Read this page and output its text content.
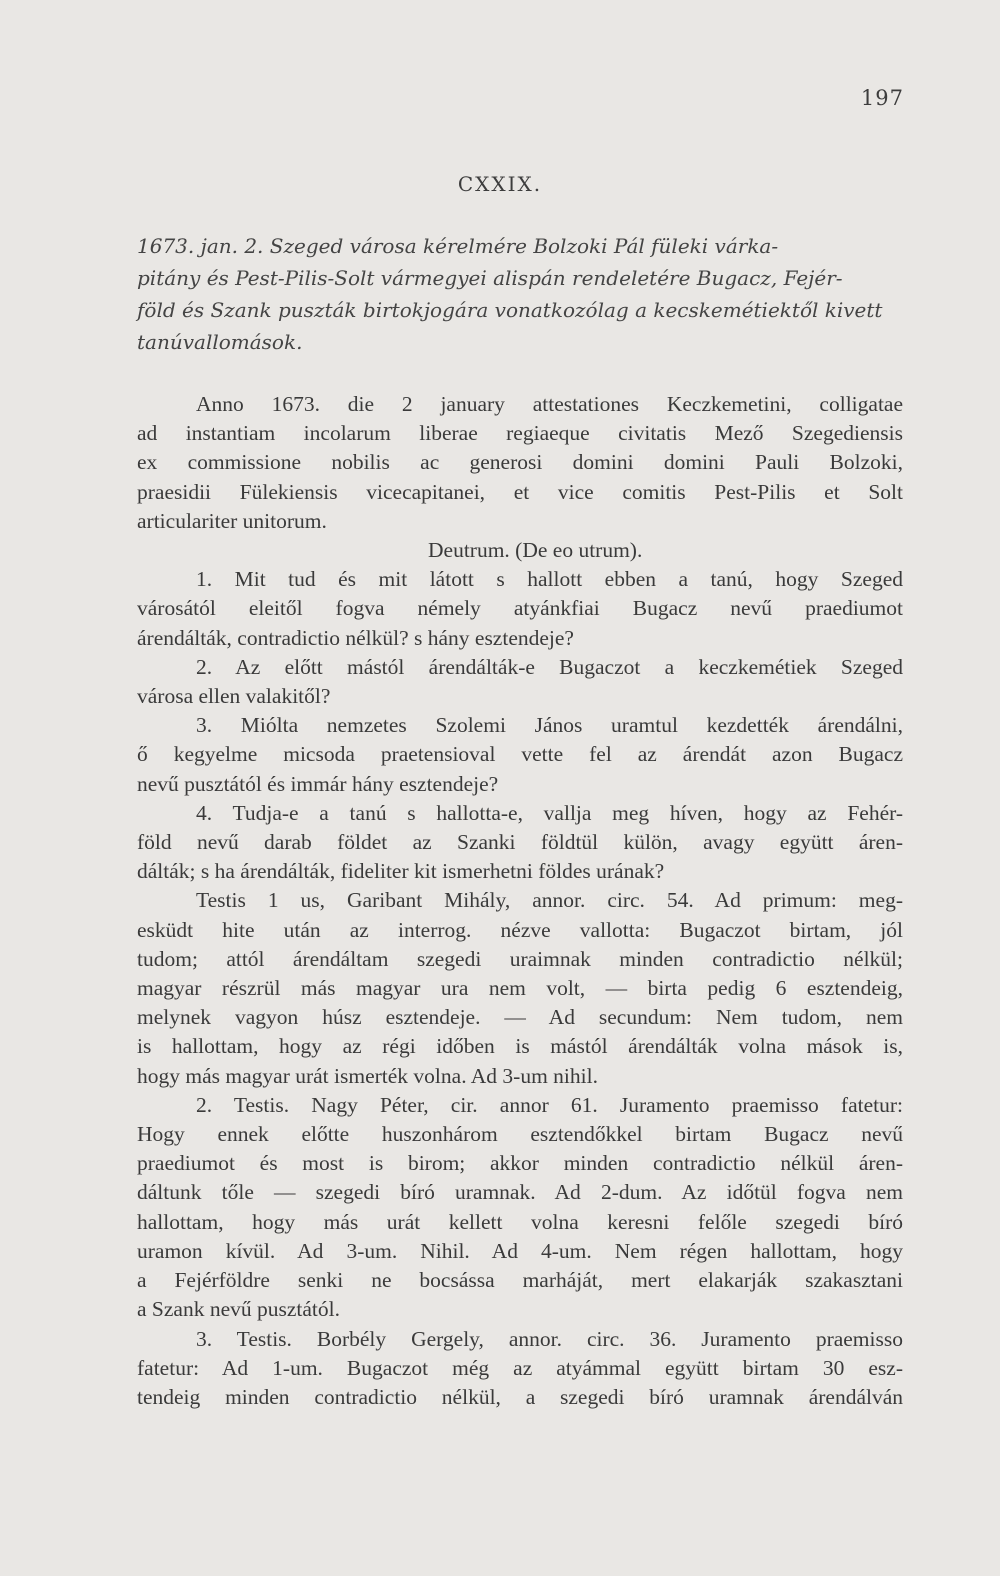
197
CXXIX.
1673. jan. 2. Szeged városa kérelmére Bolzoki Pál füleki várka-
pitány és Pest-Pilis-Solt vármegyei alispán rendeletére Bugacz, Fejér-
föld és Szank puszták birtokjogára vonatkozólag a kecskemétiektől kivett
tanúvallomások.
Anno 1673. die 2 january attestationes Keczkemetini, colligatae
ad instantiam incolarum liberae regiaeque civitatis Mező Szegediensis
ex commissione nobilis ac generosi domini domini Pauli Bolzoki,
praesidii Fülekiensis vicecapitanei, et vice comitis Pest-Pilis et Solt
articulariter unitorum.
Deutrum. (De eo utrum).
1. Mit tud és mit látott s hallott ebben a tanú, hogy Szeged
városától eleitől fogva némely atyánkfiai Bugacz nevű praediumot
árendálták, contradictio nélkül? s hány esztendeje?
2. Az előtt mástól árendálták-e Bugaczot a keczkemétiek Szeged
városa ellen valakitől?
3. Miólta nemzetes Szolemi János uramtul kezdették árendálni,
ő kegyelme micsoda praetensioval vette fel az árendát azon Bugacz
nevű pusztától és immár hány esztendeje?
4. Tudja-e a tanú s hallotta-e, vallja meg híven, hogy az Fehér-
föld nevű darab földet az Szanki földtül külön, avagy együtt áren-
dálták; s ha árendálták, fideliter kit ismerhetni földes urának?
Testis 1 us, Garibant Mihály, annor. circ. 54. Ad primum: meg-
esküdt hite után az interrog. nézve vallotta: Bugaczot birtam, jól
tudom; attól árendáltam szegedi uraimnak minden contradictio nélkül;
magyar részrül más magyar ura nem volt, — birta pedig 6 esztendeig,
melynek vagyon húsz esztendeje. — Ad secundum: Nem tudom, nem
is hallottam, hogy az régi időben is mástól árendálták volna mások is,
hogy más magyar urát ismerték volna. Ad 3-um nihil.
2. Testis. Nagy Péter, cir. annor 61. Juramento praemisso fatetur:
Hogy ennek előtte huszonhárom esztendőkkel birtam Bugacz nevű
praediumot és most is birom; akkor minden contradictio nélkül áren-
dáltunk tőle — szegedi bíró uramnak. Ad 2-dum. Az időtül fogva nem
hallottam, hogy más urát kellett volna keresni felőle szegedi bíró
uramon kívül. Ad 3-um. Nihil. Ad 4-um. Nem régen hallottam, hogy
a Fejérföldre senki ne bocsássa marháját, mert elakarják szakasztani
a Szank nevű pusztától.
3. Testis. Borbély Gergely, annor. circ. 36. Juramento praemisso
fatetur: Ad 1-um. Bugaczot még az atyámmal együtt birtam 30 esz-
tendeig minden contradictio nélkül, a szegedi bíró uramnak árendálván
